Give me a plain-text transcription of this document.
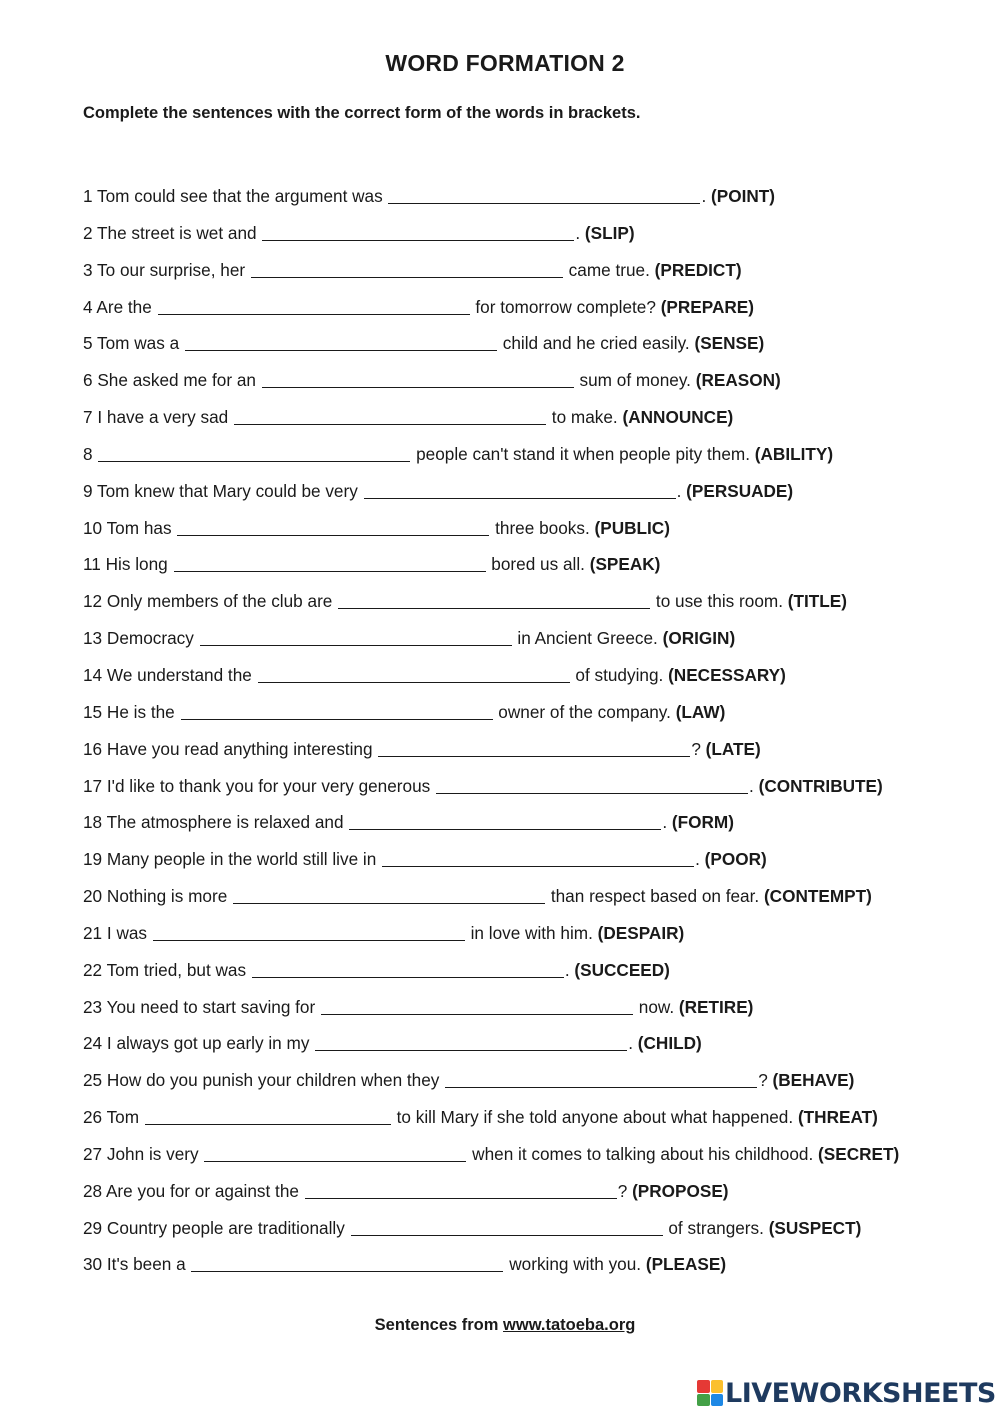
WORD FORMATION 2
Complete the sentences with the correct form of the words in brackets.
1 Tom could see that the argument was	. (POINT)
2 The street is wet and	. (SLIP)
3 To our surprise, her	came true. (PREDICT)
4 Are the	for tomorrow complete? (PREPARE)
5 Tom was a	child and he cried easily. (SENSE)
6 She asked me for an	sum of money. (REASON)
7 I have a very sad	to make. (ANNOUNCE)
8	people can't stand it when people pity them. (ABILITY)
9 Tom knew that Mary could be very	. (PERSUADE)
10 Tom has	three books. (PUBLIC)
11 His long	bored us all. (SPEAK)
12 Only members of the club are	to use this room. (TITLE)
13 Democracy	in Ancient Greece. (ORIGIN)
14 We understand the	of studying. (NECESSARY)
15 He is the	owner of the company. (LAW)
16 Have you read anything interesting	? (LATE)
17 I'd like to thank you for your very generous	. (CONTRIBUTE)
18 The atmosphere is relaxed and	. (FORM)
19 Many people in the world still live in	. (POOR)
20 Nothing is more	than respect based on fear. (CONTEMPT)
21 I was	in love with him. (DESPAIR)
22 Tom tried, but was	. (SUCCEED)
23 You need to start saving for	now. (RETIRE)
24 I always got up early in my	. (CHILD)
25 How do you punish your children when they	? (BEHAVE)
26 Tom	to kill Mary if she told anyone about what happened. (THREAT)
27 John is very	when it comes to talking about his childhood. (SECRET)
28 Are you for or against the	? (PROPOSE)
29 Country people are traditionally	of strangers. (SUSPECT)
30 It's been a	working with you. (PLEASE)
Sentences from www.tatoeba.org
LIVEWORKSHEETS
